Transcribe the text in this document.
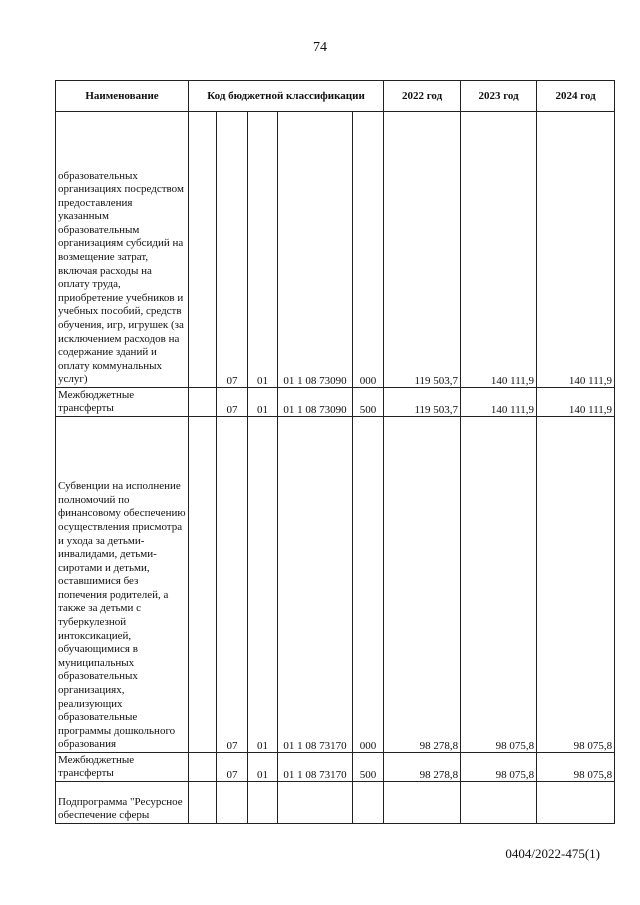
74
Наименование	Код бюджетной классификации					2022 год	2023 год	2024 год
образовательных организациях посредством предоставления указанным образовательным организациям субсидий на возмещение затрат, включая расходы на оплату труда, приобретение учебников и учебных пособий, средств обучения, игр, игрушек (за исключением расходов на содержание зданий и оплату коммунальных услуг)		07	01	01 1 08 73090	000	119 503,7	140 111,9	140 111,9
Межбюджетные трансферты		07	01	01 1 08 73090	500	119 503,7	140 111,9	140 111,9
Субвенции на исполнение полномочий по финансовому обеспечению осуществления присмотра и ухода за детьми-инвалидами, детьми-сиротами и детьми, оставшимися без попечения родителей, а также за детьми с туберкулезной интоксикацией, обучающимися в муниципальных образовательных организациях, реализующих образовательные программы дошкольного образования		07	01	01 1 08 73170	000	98 278,8	98 075,8	98 075,8
Межбюджетные трансферты		07	01	01 1 08 73170	500	98 278,8	98 075,8	98 075,8
Подпрограмма "Ресурсное обеспечение сферы								
0404/2022-475(1)
